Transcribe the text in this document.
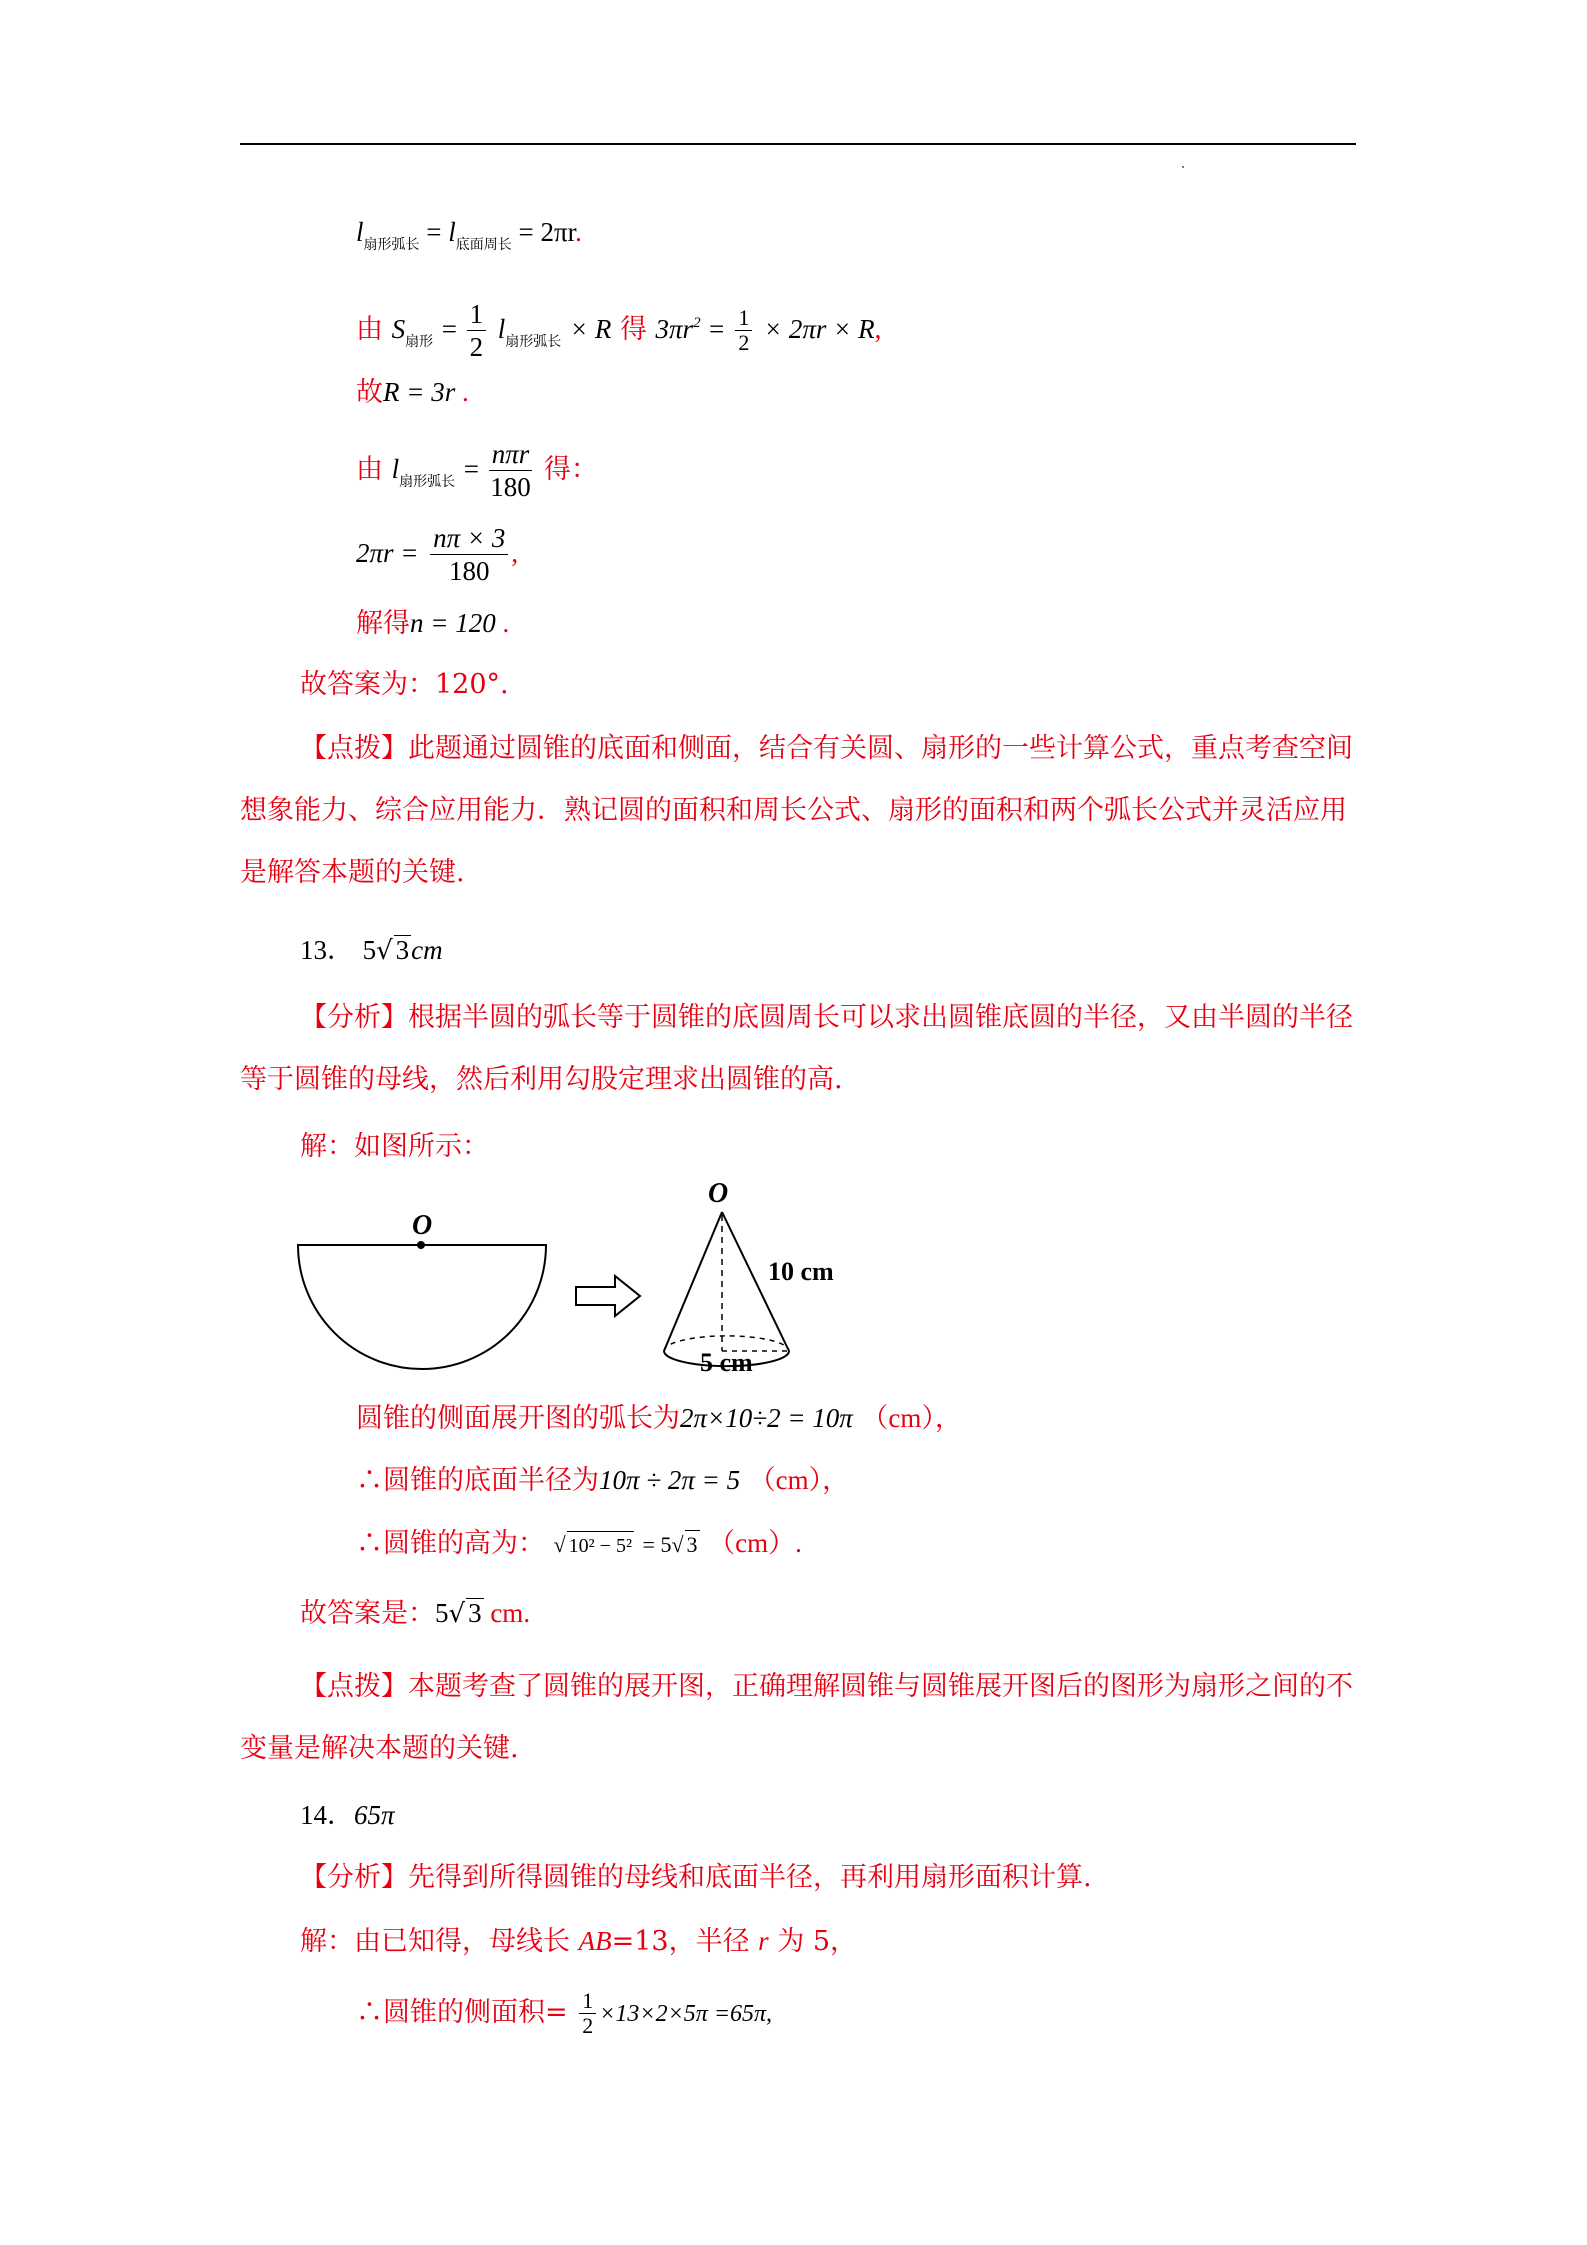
$l_{扇形弧长} = l_{底面周长} = 2\pi r$.
由 $S_{扇形} = \frac{1}{2} l_{扇形弧长} \times R$ 得 $3\pi r^2 = \frac{1}{2} \times 2\pi r \times R$,
故R = 3r .
由 $l_{扇形弧长} = \frac{\text{nπr}}{180}$ 得：
$2\pi r = \frac{n\pi \times 3}{180}$ ,
解得n = 120 .
故答案为：120°.
【点拨】此题通过圆锥的底面和侧面，结合有关圆、扇形的一些计算公式，重点考查空间想象能力、综合应用能力．熟记圆的面积和周长公式、扇形的面积和两个弧长公式并灵活应用是解答本题的关键.
13． 5√ 3cm
【分析】根据半圆的弧长等于圆锥的底圆周长可以求出圆锥底圆的半径，又由半圆的半径等于圆锥的母线，然后利用勾股定理求出圆锥的高.
解：如图所示：
O
O
10 cm
5 cm
圆锥的侧面展开图的弧长为2π×10÷2 = 10π （cm），
∴圆锥的底面半径为10π ÷ 2π = 5 （cm），
∴圆锥的高为： √ 10² − 5² = 5√ 3 （cm）.
故答案是：5√ 3 cm.
【点拨】本题考查了圆锥的展开图，正确理解圆锥与圆锥展开图后的图形为扇形之间的不变量是解决本题的关键.
14．65π
【分析】先得到所得圆锥的母线和底面半径，再利用扇形面积计算.
解：由已知得，母线长 AB=13，半径 r 为 5，
∴圆锥的侧面积= $\frac{1}{2} \times 13\times 2\times 5\pi =65\pi$,
